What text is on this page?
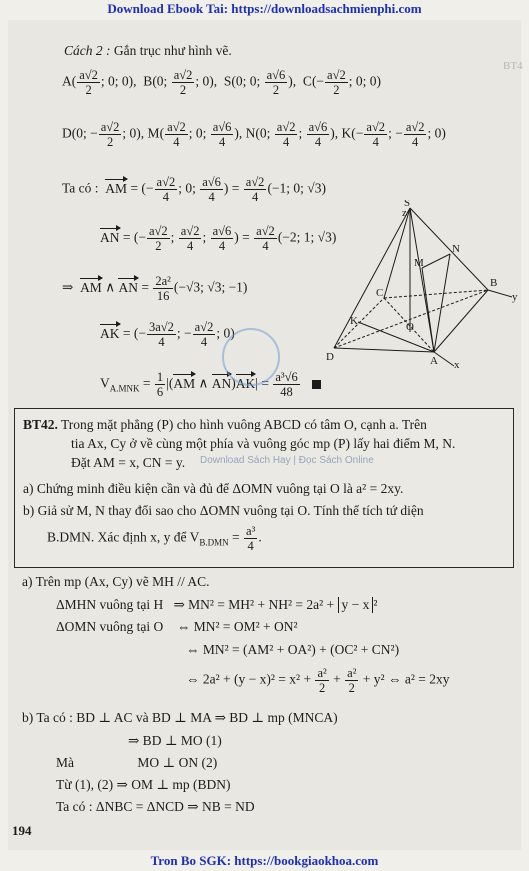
Download Ebook Tai: https://downloadsachmienphi.com
BT4
Cách 2 : Gắn trục như hình vẽ.
$A( \frac{a√2}{2}$ ; 0; 0),  B(0; $\frac{a√2}{2}$ ; 0),  S(0; 0; $\frac{a√6}{2}$ ),  $C(- \frac{a√2}{2}$ ; 0; 0)
D(0; − $\frac{a√2}{2}$ ; 0), $M( \frac{a√2}{4}$ ; 0; $\frac{a√6}{4}$ ), N(0; $\frac{a√2}{4}$ ; $\frac{a√6}{4}$ ), $K(- \frac{a√2}{4}$ ; − $\frac{a√2}{4}$ ; 0)
Ta có : AM = (− $\frac{a√2}{4}$ ; 0; $\frac{a√6}{4}$ ) = $\frac{a√2}{4} (-1$; 0; √3)
AN = (− $\frac{a√2}{2}$ ; $\frac{a√2}{4}$ ; $\frac{a√6}{4}$ ) = $\frac{a√2}{4} (-2$; 1; √3)
⇒ AM ∧ AN = $\frac{\text{2a²}}{16} (-√3$; √3; −1)
AK = (− $\frac{3a√2}{4}$ ; − $\frac{a√2}{4}$ ; 0)
$V_{A.MNK} = \frac{1}{6} |(AM$ ∧ $AN)AK| = \frac{\text{a³√6}}{48}$

S
N
M
C
K	O
B
D	A
z
y
x
BT42. Trong mặt phẳng (P) cho hình vuông ABCD có tâm O, cạnh a. Trên
tia Ax, Cy ở về cùng một phía và vuông góc mp (P) lấy hai điểm M, N.
Đặt AM = x, CN = y.
a) Chứng minh điều kiện cần và đủ để ΔOMN vuông tại O là a² = 2xy.
b) Giả sử M, N thay đổi sao cho ΔOMN vuông tại O. Tính thể tích tứ diện
B.DMN. Xác định x, y để $V_{B.DMN} = \frac{\text{a³}}{4}$ .
Download Sách Hay | Đọc Sách Online
a) Trên mp (Ax, Cy) vẽ MH // AC.
ΔMHN vuông tại H ⇒ MN² = MH² + NH² = 2a² + y − x ²
ΔOMN vuông tại O ⇔ MN² = OM² + ON²
⇔ MN² = (AM² + OA²) + (OC² + CN²)
⇔ $2a^2 + (y - x)^2 = x^2 + \frac{\text{a²}}{2} + \frac{\text{a²}}{2} + y^2$ ⇔ a² = 2xy
b) Ta có : BD ⊥ AC và BD ⊥ MA ⇒ BD ⊥ mp (MNCA)
⇒ BD ⊥ MO (1)
Mà	MO ⊥ ON (2)
Từ (1), (2) ⇒ OM ⊥ mp (BDN)
Ta có : ΔNBC = ΔNCD ⇒ NB = ND
194
Tron Bo SGK: https://bookgiaokhoa.com
